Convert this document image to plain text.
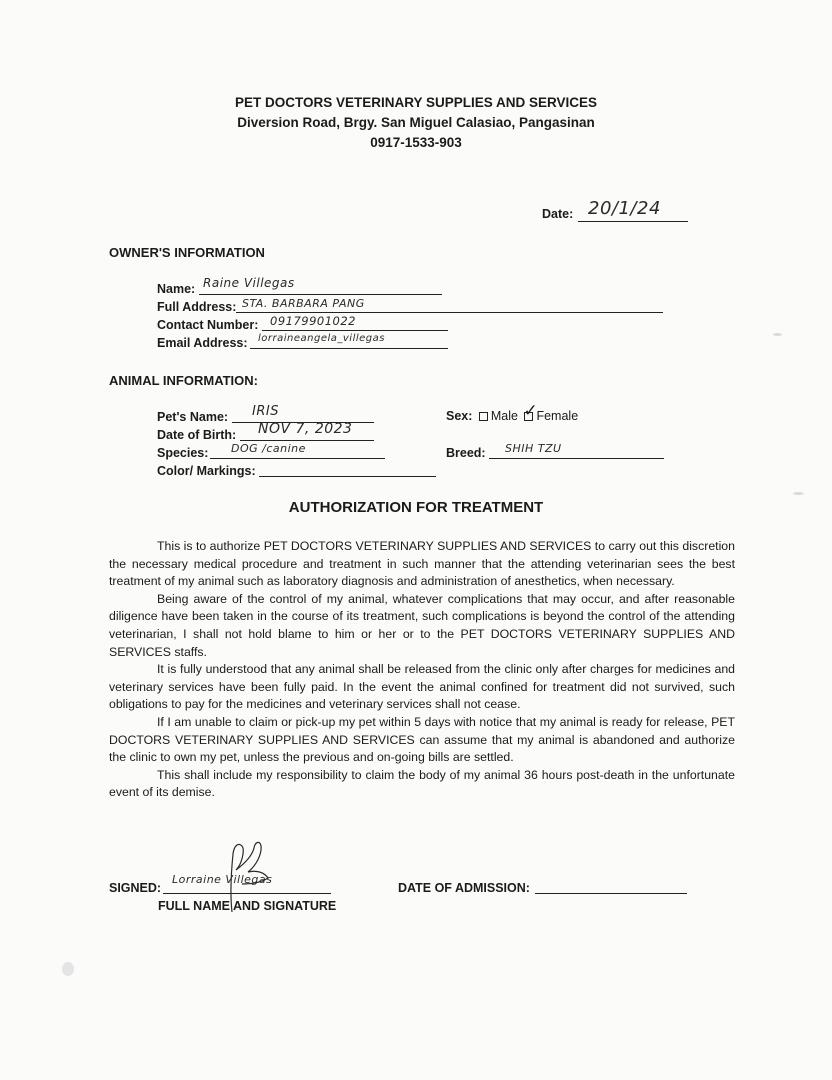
PET DOCTORS VETERINARY SUPPLIES AND SERVICES
Diversion Road, Brgy. San Miguel Calasiao, Pangasinan
0917-1533-903
Date: 20/1/24
OWNER'S INFORMATION
Name: Raine Villegas
Full Address: STA. BARBARA PANG
Contact Number: 09179901022
Email Address: lorraineangela_villegas
ANIMAL INFORMATION:
Pet's Name: IRIS
Date of Birth: NOV 7, 2023
Species: DOG /canine
Color/ Markings:
Sex: Male ✓
Female
Breed: SHIH TZU
AUTHORIZATION FOR TREATMENT

This is to authorize PET DOCTORS VETERINARY SUPPLIES AND SERVICES to carry out this discretion the necessary medical procedure and treatment in such manner that the attending veterinarian sees the best treatment of my animal such as laboratory diagnosis and administration of anesthetics, when necessary.

Being aware of the control of my animal, whatever complications that may occur, and after reasonable diligence have been taken in the course of its treatment, such complications is beyond the control of the attending veterinarian, I shall not hold blame to him or her or to the PET DOCTORS VETERINARY SUPPLIES AND SERVICES staffs.

It is fully understood that any animal shall be released from the clinic only after charges for medicines and veterinary services have been fully paid. In the event the animal confined for treatment did not survived, such obligations to pay for the medicines and veterinary services shall not cease.

If I am unable to claim or pick-up my pet within 5 days with notice that my animal is ready for release, PET DOCTORS VETERINARY SUPPLIES AND SERVICES can assume that my animal is abandoned and authorize the clinic to own my pet, unless the previous and on-going bills are settled.

This shall include my responsibility to claim the body of my animal 36 hours post-death in the unfortunate event of its demise.

SIGNED:
Lorraine Villegas
FULL NAME AND SIGNATURE
DATE OF ADMISSION:
